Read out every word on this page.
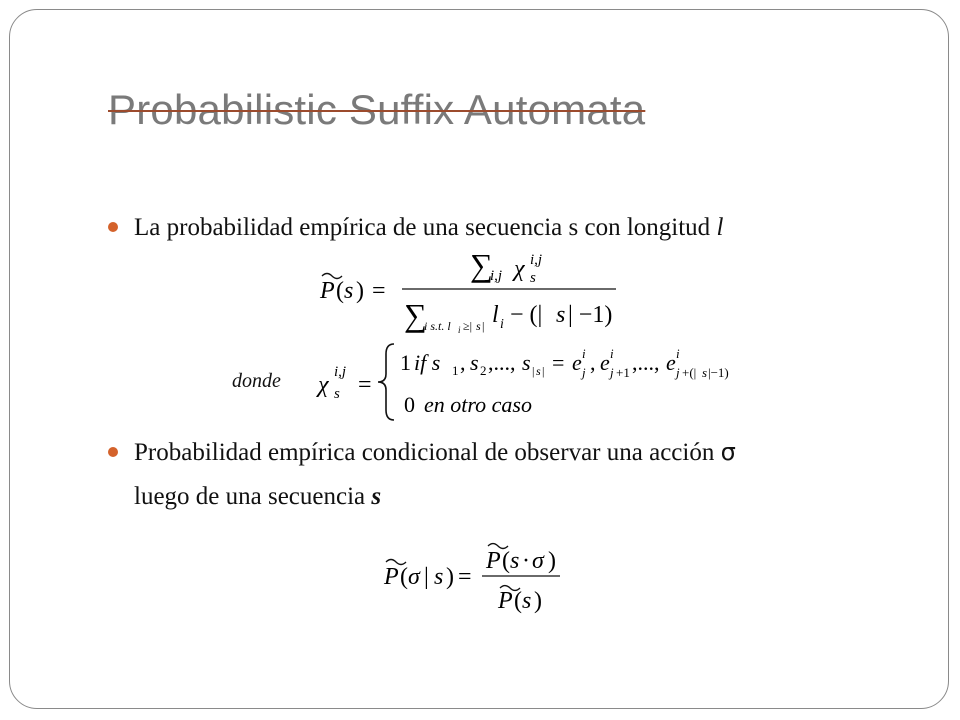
Probabilistic Suffix Automata
La probabilidad empírica de una secuencia s con longitud l
P ( s ) =
∑
i,j χ i,j
s
∑
i s.t. l i ≥| s | l i − (| s | −1)
donde χ i,j
s =
1 if s 1 , s 2 ,..., s | s | = e i
j , e i
j +1 ,..., e i
j +(| s |−1)
0 en otro caso
Probabilidad empírica condicional de observar una acción σ
luego de una secuencia s
P ( σ | s ) =
P ( s · σ )
P ( s )
